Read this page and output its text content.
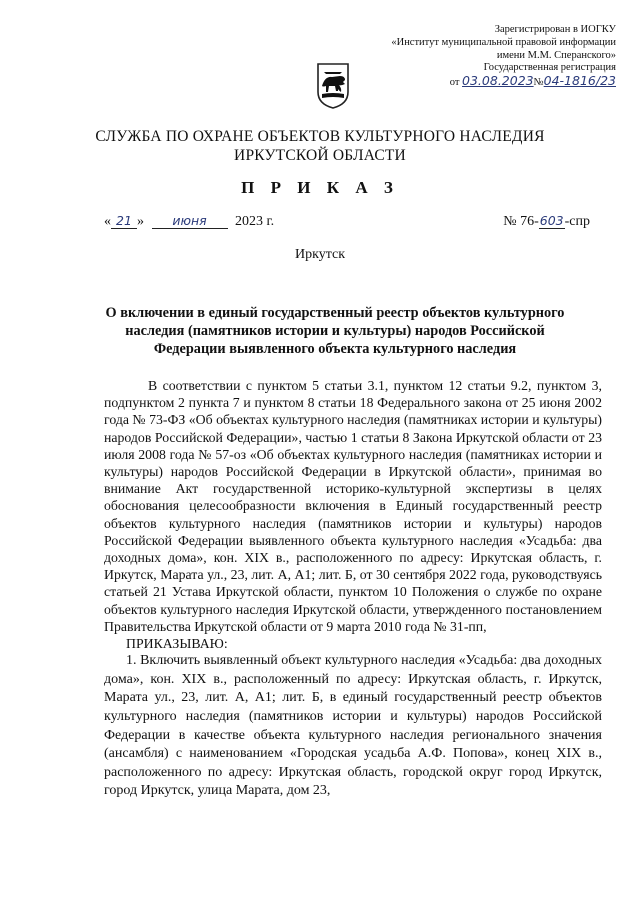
Зарегистрирован в ИОГКУ
«Институт муниципальной правовой информации
имени М.М. Сперанского»
Государственная регистрация
от 03.08.2023№04-1816/23
СЛУЖБА ПО ОХРАНЕ ОБЪЕКТОВ КУЛЬТУРНОГО НАСЛЕДИЯ
ИРКУТСКОЙ ОБЛАСТИ
П Р И К А З
« 21 » июня 2023 г.	№ 76-603-спр
Иркутск
О включении в единый государственный реестр объектов культурного наследия (памятников истории и культуры) народов Российской Федерации выявленного объекта культурного наследия

В соответствии с пунктом 5 статьи 3.1, пунктом 12 статьи 9.2, пунктом 3, подпунктом 2 пункта 7 и пунктом 8 статьи 18 Федерального закона от 25 июня 2002 года № 73-ФЗ «Об объектах культурного наследия (памятниках истории и культуры) народов Российской Федерации», частью 1 статьи 8 Закона Иркутской области от 23 июля 2008 года № 57-оз «Об объектах культурного наследия (памятниках истории и культуры) народов Российской Федерации в Иркутской области», принимая во внимание Акт государственной историко-культурной экспертизы в целях обоснования целесообразности включения в Единый государственный реестр объектов культурного наследия (памятников истории и культуры) народов Российской Федерации выявленного объекта культурного наследия «Усадьба: два доходных дома», кон. XIX в., расположенного по адресу: Иркутская область, г. Иркутск, Марата ул., 23, лит. А, А1; лит. Б, от 30 сентября 2022 года, руководствуясь статьей 21 Устава Иркутской области, пунктом 10 Положения о службе по охране объектов культурного наследия Иркутской области, утвержденного постановлением Правительства Иркутской области от 9 марта 2010 года № 31-пп,

ПРИКАЗЫВАЮ:

1. Включить выявленный объект культурного наследия «Усадьба: два доходных дома», кон. XIX в., расположенный по адресу: Иркутская область, г. Иркутск, Марата ул., 23, лит. А, А1; лит. Б, в единый государственный реестр объектов культурного наследия (памятников истории и культуры) народов Российской Федерации в качестве объекта культурного наследия регионального значения (ансамбля) с наименованием «Городская усадьба А.Ф. Попова», конец XIX в., расположенного по адресу: Иркутская область, городской округ город Иркутск, город Иркутск, улица Марата, дом 23,
